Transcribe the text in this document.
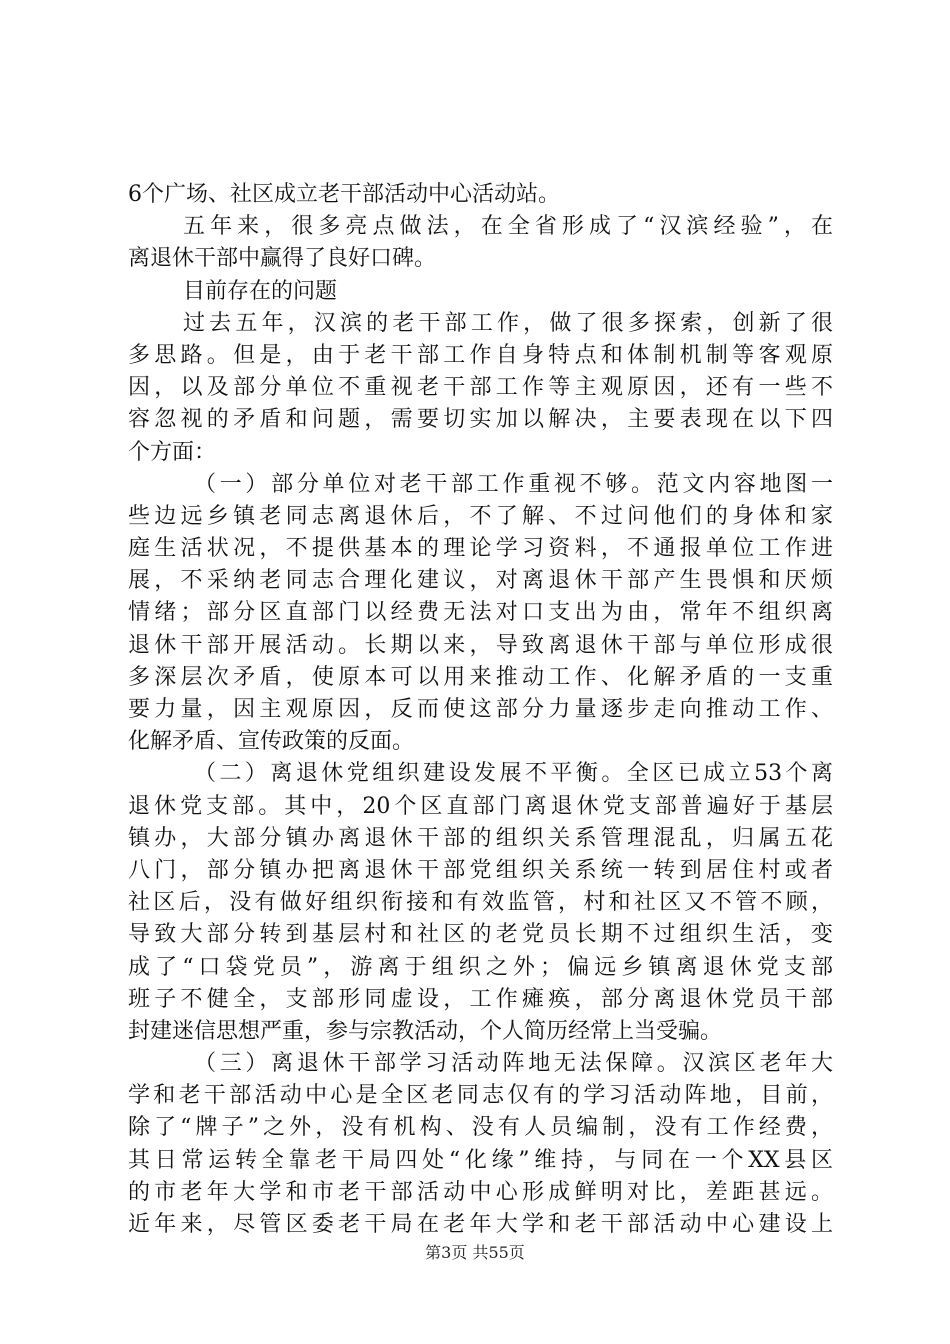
6个广场、社区成立老干部活动中心活动站。
五年来，很多亮点做法，在全省形成了“汉滨经验”，在
离退休干部中赢得了良好口碑。
目前存在的问题
过去五年，汉滨的老干部工作，做了很多探索，创新了很
多思路。但是，由于老干部工作自身特点和体制机制等客观原
因，以及部分单位不重视老干部工作等主观原因，还有一些不
容忽视的矛盾和问题，需要切实加以解决，主要表现在以下四
个方面：
（一）部分单位对老干部工作重视不够。范文内容地图一
些边远乡镇老同志离退休后，不了解、不过问他们的身体和家
庭生活状况，不提供基本的理论学习资料，不通报单位工作进
展，不采纳老同志合理化建议，对离退休干部产生畏惧和厌烦
情绪；部分区直部门以经费无法对口支出为由，常年不组织离
退休干部开展活动。长期以来，导致离退休干部与单位形成很
多深层次矛盾，使原本可以用来推动工作、化解矛盾的一支重
要力量，因主观原因，反而使这部分力量逐步走向推动工作、
化解矛盾、宣传政策的反面。
（二）离退休党组织建设发展不平衡。全区已成立53个离
退休党支部。其中，20个区直部门离退休党支部普遍好于基层
镇办，大部分镇办离退休干部的组织关系管理混乱，归属五花
八门，部分镇办把离退休干部党组织关系统一转到居住村或者
社区后，没有做好组织衔接和有效监管，村和社区又不管不顾，
导致大部分转到基层村和社区的老党员长期不过组织生活，变
成了“口袋党员”，游离于组织之外；偏远乡镇离退休党支部
班子不健全，支部形同虚设，工作瘫痪，部分离退休党员干部
封建迷信思想严重，参与宗教活动，个人简历经常上当受骗。
（三）离退休干部学习活动阵地无法保障。汉滨区老年大
学和老干部活动中心是全区老同志仅有的学习活动阵地，目前，
除了“牌子”之外，没有机构、没有人员编制，没有工作经费，
其日常运转全靠老干局四处“化缘”维持，与同在一个XX县区
的市老年大学和市老干部活动中心形成鲜明对比，差距甚远。
近年来，尽管区委老干局在老年大学和老干部活动中心建设上
第3页 共55页
